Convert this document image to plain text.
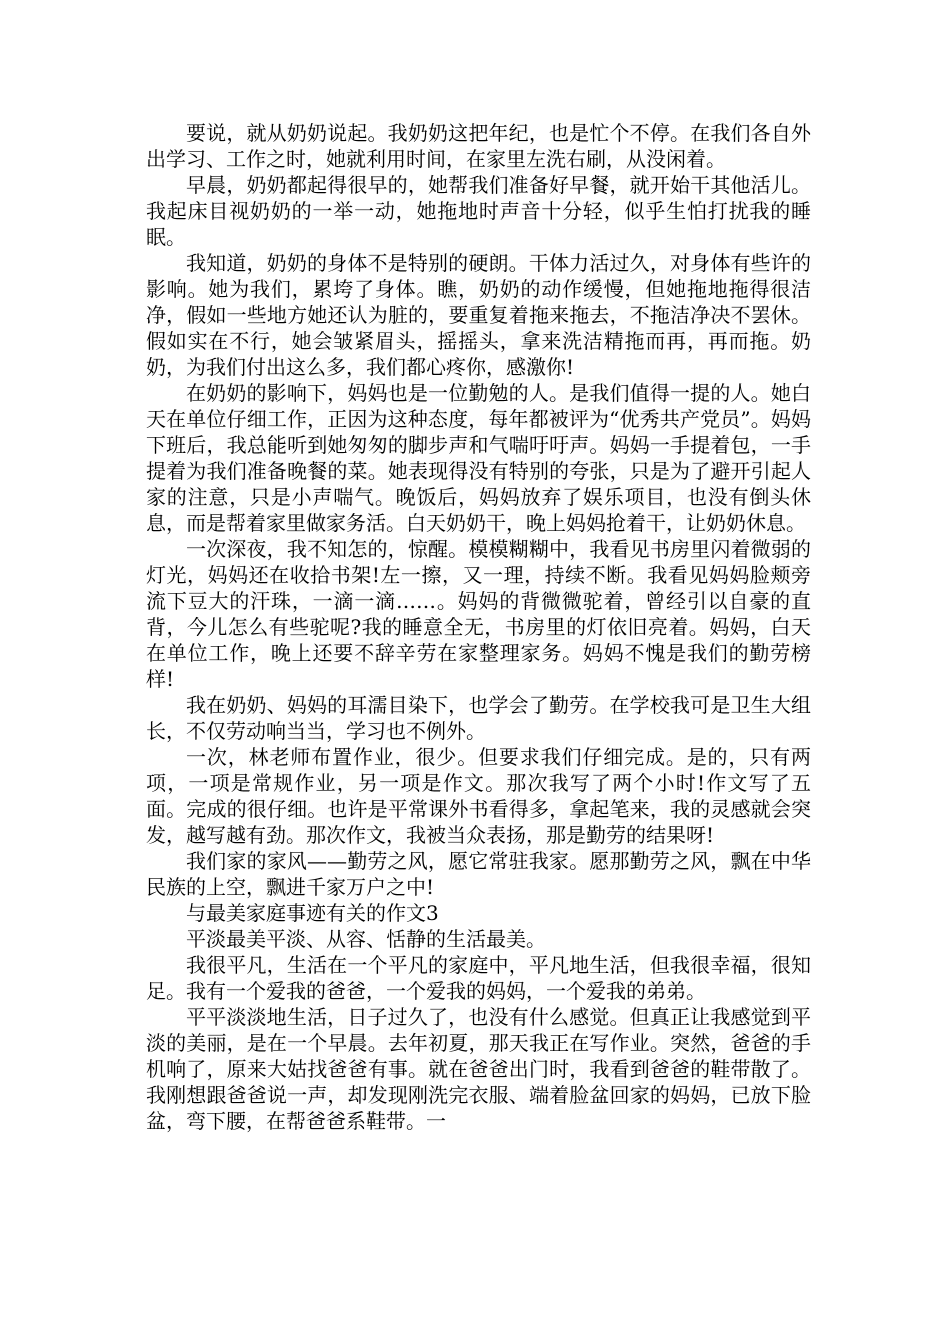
要说，就从奶奶说起。我奶奶这把年纪，也是忙个不停。在我们各自外出学习、工作之时，她就利用时间，在家里左洗右刷，从没闲着。

早晨，奶奶都起得很早的，她帮我们准备好早餐，就开始干其他活儿。我起床目视奶奶的一举一动，她拖地时声音十分轻，似乎生怕打扰我的睡眠。

我知道，奶奶的身体不是特别的硬朗。干体力活过久，对身体有些许的影响。她为我们，累垮了身体。瞧，奶奶的动作缓慢，但她拖地拖得很洁净，假如一些地方她还认为脏的，要重复着拖来拖去，不拖洁净决不罢休。假如实在不行，她会皱紧眉头，摇摇头，拿来洗洁精拖而再，再而拖。奶奶，为我们付出这么多，我们都心疼你，感激你!

在奶奶的影响下，妈妈也是一位勤勉的人。是我们值得一提的人。她白天在单位仔细工作，正因为这种态度，每年都被评为“优秀共产党员”。妈妈下班后，我总能听到她匆匆的脚步声和气喘吁吁声。妈妈一手提着包，一手提着为我们准备晚餐的菜。她表现得没有特别的夸张，只是为了避开引起人家的注意，只是小声喘气。晚饭后，妈妈放弃了娱乐项目，也没有倒头休息，而是帮着家里做家务活。白天奶奶干，晚上妈妈抢着干，让奶奶休息。

一次深夜，我不知怎的，惊醒。模模糊糊中，我看见书房里闪着微弱的灯光，妈妈还在收拾书架!左一擦，又一理，持续不断。我看见妈妈脸颊旁流下豆大的汗珠，一滴一滴……。妈妈的背微微驼着，曾经引以自豪的直背，今儿怎么有些驼呢?我的睡意全无，书房里的灯依旧亮着。妈妈，白天在单位工作，晚上还要不辞辛劳在家整理家务。妈妈不愧是我们的勤劳榜样!

我在奶奶、妈妈的耳濡目染下，也学会了勤劳。在学校我可是卫生大组长，不仅劳动响当当，学习也不例外。

一次，林老师布置作业，很少。但要求我们仔细完成。是的，只有两项，一项是常规作业，另一项是作文。那次我写了两个小时!作文写了五面。完成的很仔细。也许是平常课外书看得多，拿起笔来，我的灵感就会突发，越写越有劲。那次作文，我被当众表扬，那是勤劳的结果呀!

我们家的家风——勤劳之风，愿它常驻我家。愿那勤劳之风，飘在中华民族的上空，飘进千家万户之中!

与最美家庭事迹有关的作文3

平淡最美平淡、从容、恬静的生活最美。

我很平凡，生活在一个平凡的家庭中，平凡地生活，但我很幸福，很知足。我有一个爱我的爸爸，一个爱我的妈妈，一个爱我的弟弟。

平平淡淡地生活，日子过久了，也没有什么感觉。但真正让我感觉到平淡的美丽，是在一个早晨。去年初夏，那天我正在写作业。突然，爸爸的手机响了，原来大姑找爸爸有事。就在爸爸出门时，我看到爸爸的鞋带散了。我刚想跟爸爸说一声，却发现刚洗完衣服、端着脸盆回家的妈妈，已放下脸盆，弯下腰，在帮爸爸系鞋带。一
